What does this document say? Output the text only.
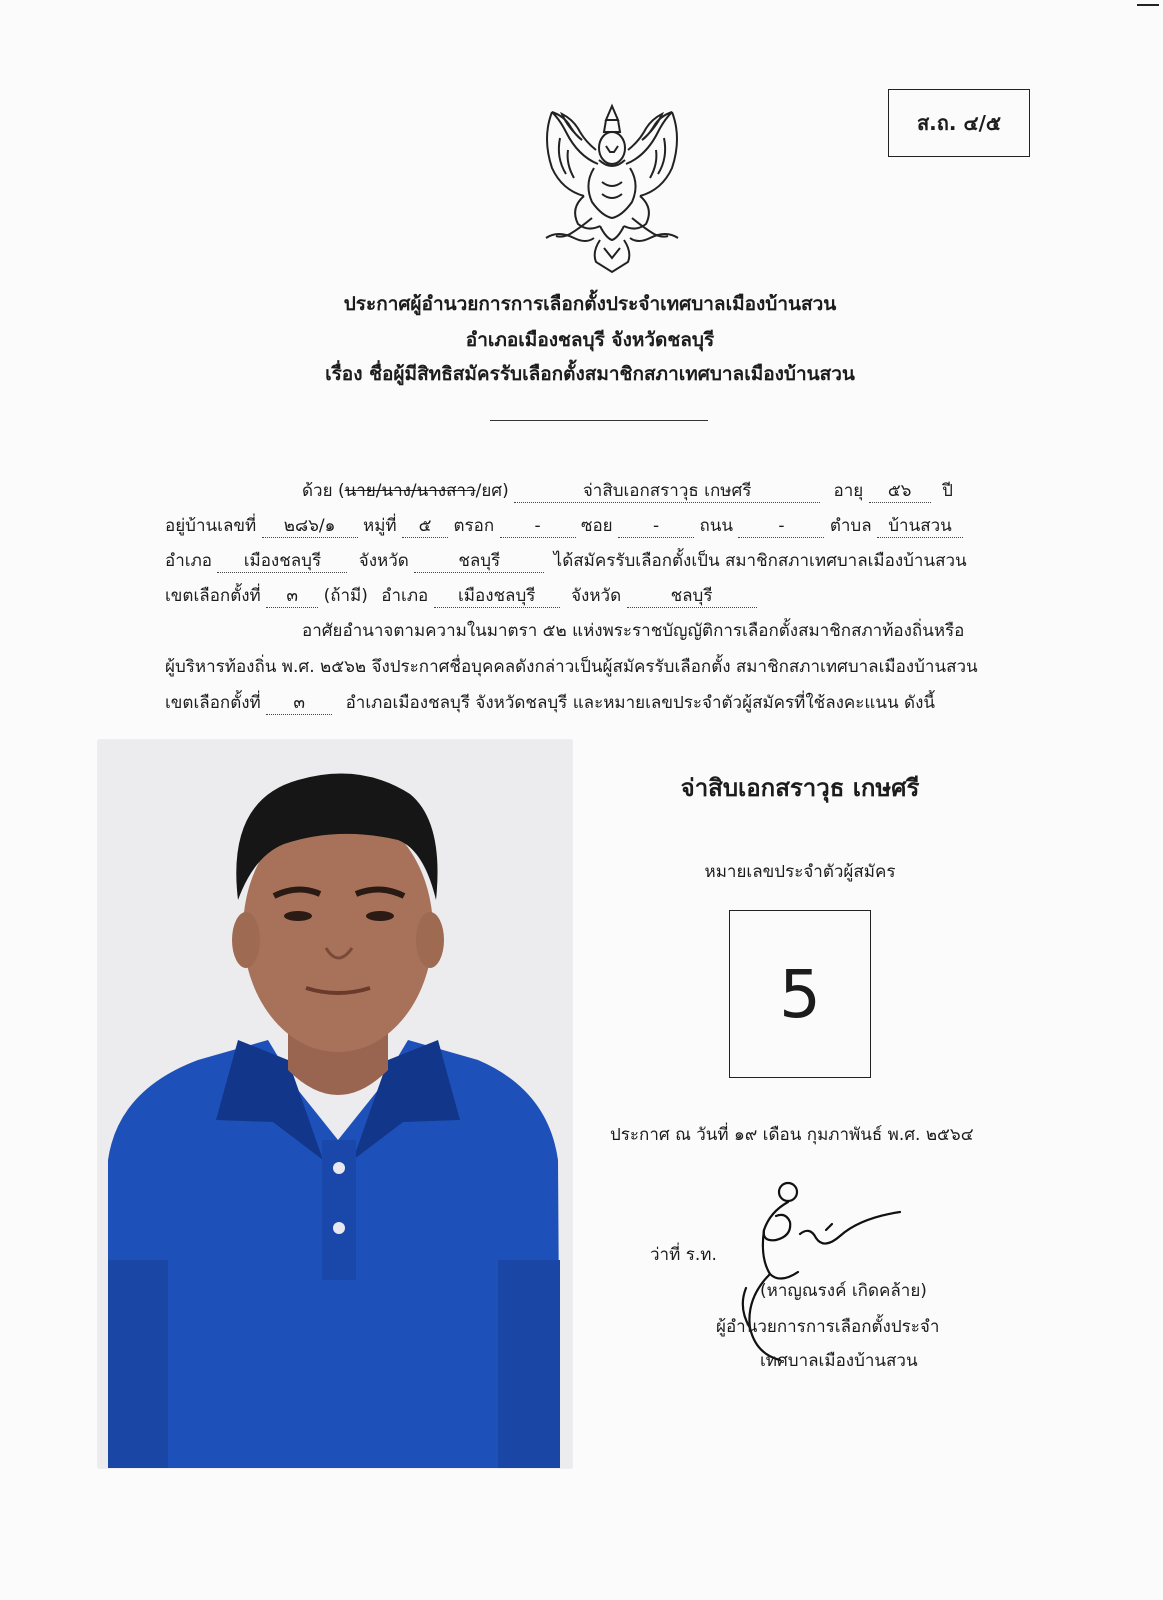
ส.ถ. ๔/๕
ประกาศผู้อำนวยการการเลือกตั้งประจำเทศบาลเมืองบ้านสวน
อำเภอเมืองชลบุรี จังหวัดชลบุรี
เรื่อง ชื่อผู้มีสิทธิสมัครรับเลือกตั้งสมาชิกสภาเทศบาลเมืองบ้านสวน
ด้วย (นาย/นาง/นางสาว/ยศ)	จ่าสิบเอกสราวุธ เกษศรี	อายุ ๕๖ ปี
อยู่บ้านเลขที่ ๒๘๖/๑ หมู่ที่ ๕ ตรอก - ซอย - ถนน	-	ตำบล บ้านสวน
อำเภอ เมืองชลบุรี จังหวัด	ชลบุรี	ได้สมัครรับเลือกตั้งเป็น สมาชิกสภาเทศบาลเมืองบ้านสวน
เขตเลือกตั้งที่ ๓ (ถ้ามี) อำเภอ เมืองชลบุรี จังหวัด	ชลบุรี
อาศัยอำนาจตามความในมาตรา ๕๒ แห่งพระราชบัญญัติการเลือกตั้งสมาชิกสภาท้องถิ่นหรือ
ผู้บริหารท้องถิ่น พ.ศ. ๒๕๖๒ จึงประกาศชื่อบุคคลดังกล่าวเป็นผู้สมัครรับเลือกตั้ง สมาชิกสภาเทศบาลเมืองบ้านสวน
เขตเลือกตั้งที่ ๓ อำเภอเมืองชลบุรี จังหวัดชลบุรี และหมายเลขประจำตัวผู้สมัครที่ใช้ลงคะแนน ดังนี้
จ่าสิบเอกสราวุธ เกษศรี
หมายเลขประจำตัวผู้สมัคร
5
ประกาศ ณ วันที่ ๑๙ เดือน กุมภาพันธ์ พ.ศ. ๒๕๖๔
ว่าที่ ร.ท.
(หาญณรงค์ เกิดคล้าย)
ผู้อำนวยการการเลือกตั้งประจำ
เทศบาลเมืองบ้านสวน
